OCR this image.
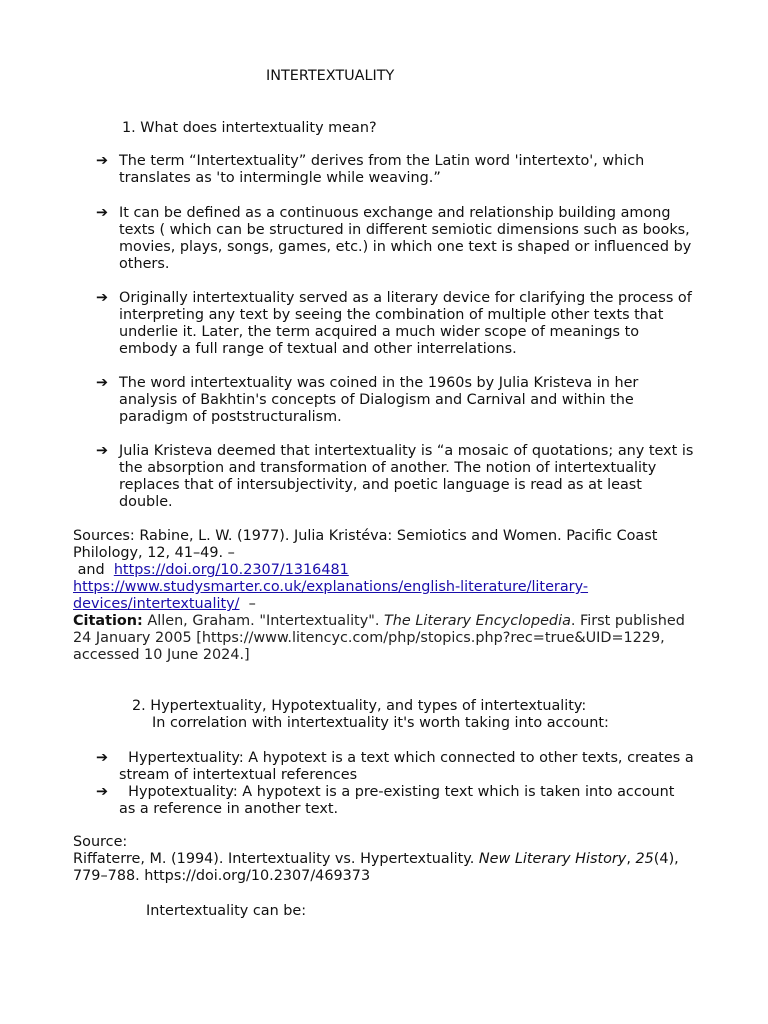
INTERTEXTUALITY

1. What does intertextuality mean?

➔ The term “Intertextuality” derives from the Latin word 'intertexto', which translates as 'to intermingle while weaving.”
➔ It can be defined as a continuous exchange and relationship building among texts ( which can be structured in different semiotic dimensions such as books, movies, plays, songs, games, etc.) in which one text is shaped or influenced by others.
➔ Originally intertextuality served as a literary device for clarifying the process of interpreting any text by seeing the combination of multiple other texts that underlie it. Later, the term acquired a much wider scope of meanings to embody a full range of textual and other interrelations.
➔ The word intertextuality was coined in the 1960s by Julia Kristeva in her analysis of Bakhtin's concepts of Dialogism and Carnival and within the paradigm of poststructuralism.
➔ Julia Kristeva deemed that intertextuality is “a mosaic of quotations; any text is the absorption and transformation of another. The notion of intertextuality replaces that of intersubjectivity, and poetic language is read as at least double.

Sources: Rabine, L. W. (1977). Julia Kristéva: Semiotics and Women. Pacific Coast Philology, 12, 41–49. –

and  https://doi.org/10.2307/1316481

https://www.studysmarter.co.uk/explanations/english-literature/literary-devices/intertextuality/  –

Citation: Allen, Graham. "Intertextuality". The Literary Encyclopedia. First published 24 January 2005 [https://www.litencyc.com/php/stopics.php?rec=true&UID=1229, accessed 10 June 2024.]

2. Hypertextuality, Hypotextuality, and types of intertextuality:

In correlation with intertextuality it's worth taking into account:

➔ Hypertextuality: A hypotext is a text which connected to other texts, creates a stream of intertextual references
➔ Hypotextuality: A hypotext is a pre-existing text which is taken into account as a reference in another text.

Source:

Riffaterre, M. (1994). Intertextuality vs. Hypertextuality. New Literary History, 25(4), 779–788. https://doi.org/10.2307/469373

Intertextuality can be:
